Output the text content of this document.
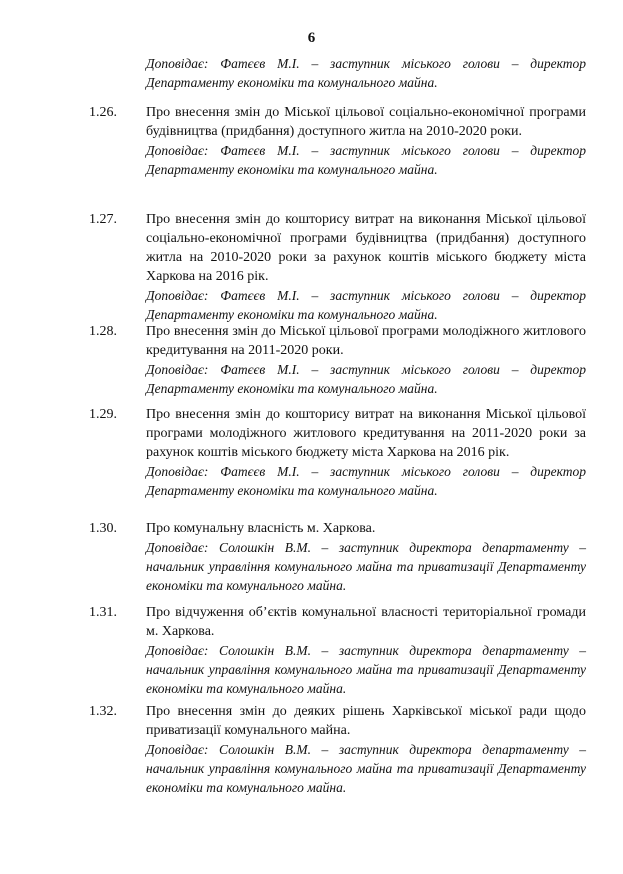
6

Доповідає: Фатєєв М.І. – заступник міського голови – директор Департаменту економіки та комунального майна.

1.26. Про внесення змін до Міської цільової соціально-економічної програми будівництва (придбання) доступного житла на 2010-2020 роки.

Доповідає: Фатєєв М.І. – заступник міського голови – директор Департаменту економіки та комунального майна.

1.27. Про внесення змін до кошторису витрат на виконання Міської цільової соціально-економічної програми будівництва (придбання) доступного житла на 2010-2020 роки за рахунок коштів міського бюджету міста Харкова на 2016 рік.

Доповідає: Фатєєв М.І. – заступник міського голови – директор Департаменту економіки та комунального майна.

1.28. Про внесення змін до Міської цільової програми молодіжного житлового кредитування на 2011-2020 роки.

Доповідає: Фатєєв М.І. – заступник міського голови – директор Департаменту економіки та комунального майна.

1.29. Про внесення змін до кошторису витрат на виконання Міської цільової програми молодіжного житлового кредитування на 2011-2020 роки за рахунок коштів міського бюджету міста Харкова на 2016 рік.

Доповідає: Фатєєв М.І. – заступник міського голови – директор Департаменту економіки та комунального майна.

1.30. Про комунальну власність м. Харкова.

Доповідає: Солошкін В.М. – заступник директора департаменту – начальник управління комунального майна та приватизації Департаменту економіки та комунального майна.

1.31. Про відчуження об’єктів комунальної власності територіальної громади м. Харкова.

Доповідає: Солошкін В.М. – заступник директора департаменту – начальник управління комунального майна та приватизації Департаменту економіки та комунального майна.

1.32. Про внесення змін до деяких рішень Харківської міської ради щодо приватизації комунального майна.

Доповідає: Солошкін В.М. – заступник директора департаменту – начальник управління комунального майна та приватизації Департаменту економіки та комунального майна.
